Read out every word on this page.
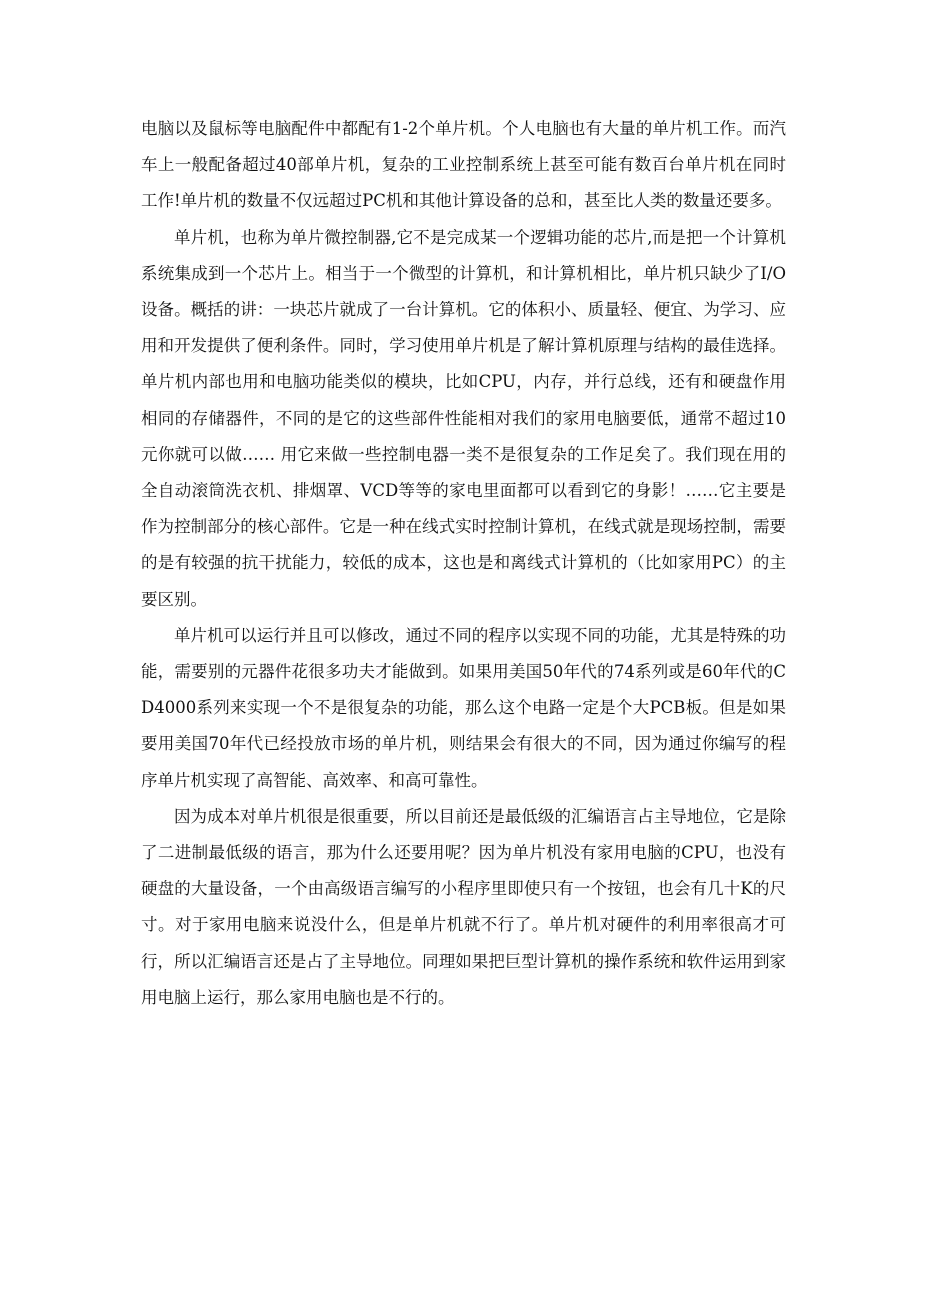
电脑以及鼠标等电脑配件中都配有1-2个单片机。个人电脑也有大量的单片机工作。而汽车上一般配备超过40部单片机，复杂的工业控制系统上甚至可能有数百台单片机在同时工作!单片机的数量不仅远超过PC机和其他计算设备的总和，甚至比人类的数量还要多。

单片机，也称为单片微控制器,它不是完成某一个逻辑功能的芯片,而是把一个计算机系统集成到一个芯片上。相当于一个微型的计算机，和计算机相比，单片机只缺少了I/O设备。概括的讲：一块芯片就成了一台计算机。它的体积小、质量轻、便宜、为学习、应用和开发提供了便利条件。同时，学习使用单片机是了解计算机原理与结构的最佳选择。单片机内部也用和电脑功能类似的模块，比如CPU，内存，并行总线，还有和硬盘作用相同的存储器件，不同的是它的这些部件性能相对我们的家用电脑要低，通常不超过10元你就可以做…… 用它来做一些控制电器一类不是很复杂的工作足矣了。我们现在用的全自动滚筒洗衣机、排烟罩、VCD等等的家电里面都可以看到它的身影！……它主要是作为控制部分的核心部件。它是一种在线式实时控制计算机，在线式就是现场控制，需要的是有较强的抗干扰能力，较低的成本，这也是和离线式计算机的（比如家用PC）的主要区别。

单片机可以运行并且可以修改，通过不同的程序以实现不同的功能，尤其是特殊的功能，需要别的元器件花很多功夫才能做到。如果用美国50年代的74系列或是60年代的CD4000系列来实现一个不是很复杂的功能，那么这个电路一定是个大PCB板。但是如果要用美国70年代已经投放市场的单片机，则结果会有很大的不同，因为通过你编写的程序单片机实现了高智能、高效率、和高可靠性。

因为成本对单片机很是很重要，所以目前还是最低级的汇编语言占主导地位，它是除了二进制最低级的语言，那为什么还要用呢？因为单片机没有家用电脑的CPU，也没有硬盘的大量设备，一个由高级语言编写的小程序里即使只有一个按钮，也会有几十K的尺寸。对于家用电脑来说没什么，但是单片机就不行了。单片机对硬件的利用率很高才可行，所以汇编语言还是占了主导地位。同理如果把巨型计算机的操作系统和软件运用到家用电脑上运行，那么家用电脑也是不行的。
